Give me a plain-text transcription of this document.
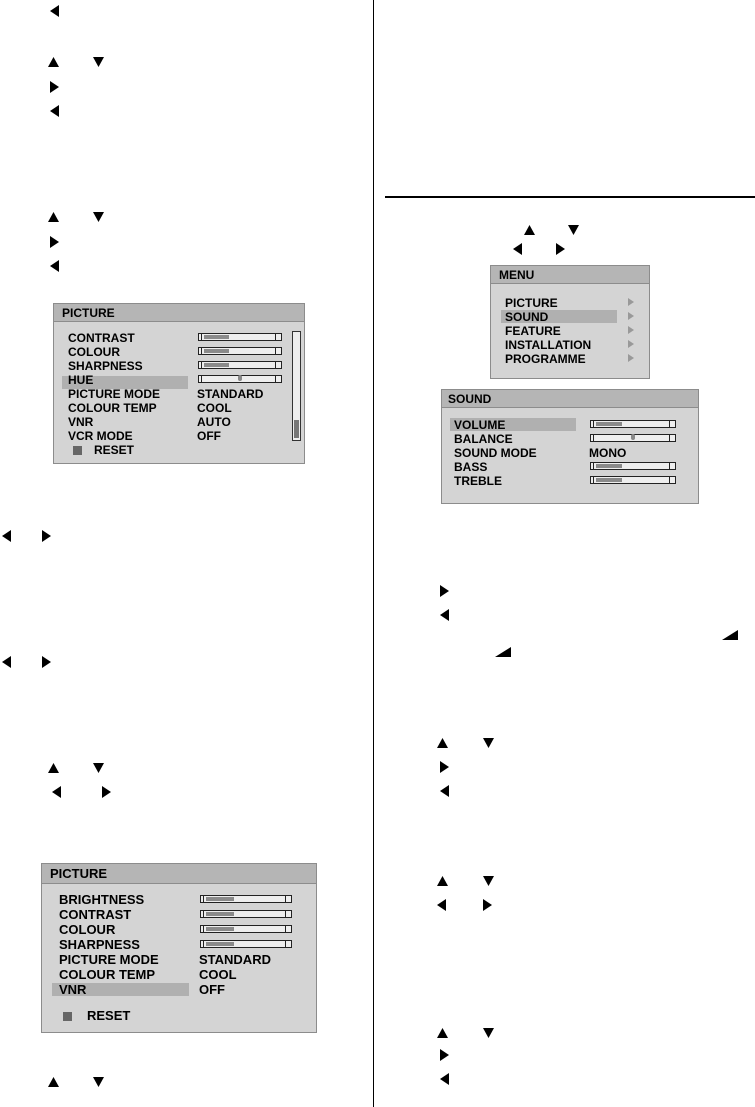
PICTURE
CONTRAST
COLOUR
SHARPNESS
HUE
PICTURE MODE
COLOUR TEMP
VNR
VCR MODE
STANDARD
COOL
AUTO
OFF
RESET
MENU
PICTURE
SOUND
FEATURE
INSTALLATION
PROGRAMME
SOUND
VOLUME
BALANCE
SOUND MODE
BASS
TREBLE
MONO
PICTURE
BRIGHTNESS
CONTRAST
COLOUR
SHARPNESS
PICTURE MODE
COLOUR TEMP
VNR
STANDARD
COOL
OFF
RESET
